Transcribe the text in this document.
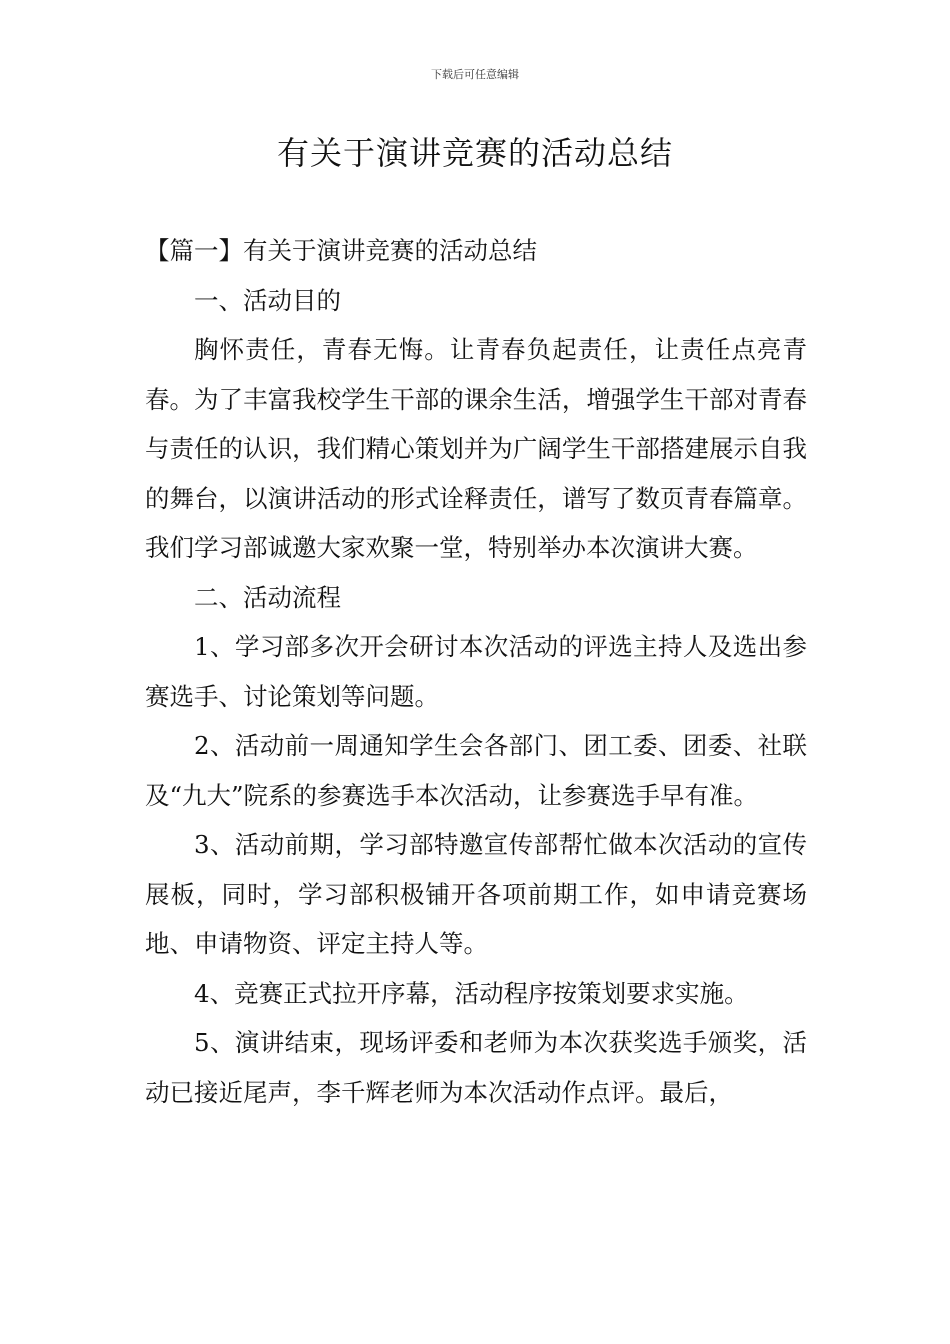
下载后可任意编辑
有关于演讲竞赛的活动总结

【篇一】有关于演讲竞赛的活动总结

一、活动目的

胸怀责任，青春无悔。让青春负起责任，让责任点亮青春。为了丰富我校学生干部的课余生活，增强学生干部对青春与责任的认识，我们精心策划并为广阔学生干部搭建展示自我的舞台，以演讲活动的形式诠释责任，谱写了数页青春篇章。我们学习部诚邀大家欢聚一堂，特别举办本次演讲大赛。

二、活动流程

1、学习部多次开会研讨本次活动的评选主持人及选出参赛选手、讨论策划等问题。

2、活动前一周通知学生会各部门、团工委、团委、社联及“九大”院系的参赛选手本次活动，让参赛选手早有准。

3、活动前期，学习部特邀宣传部帮忙做本次活动的宣传展板，同时，学习部积极铺开各项前期工作，如申请竞赛场地、申请物资、评定主持人等。

4、竞赛正式拉开序幕，活动程序按策划要求实施。

5、演讲结束，现场评委和老师为本次获奖选手颁奖，活动已接近尾声，李千辉老师为本次活动作点评。最后，
